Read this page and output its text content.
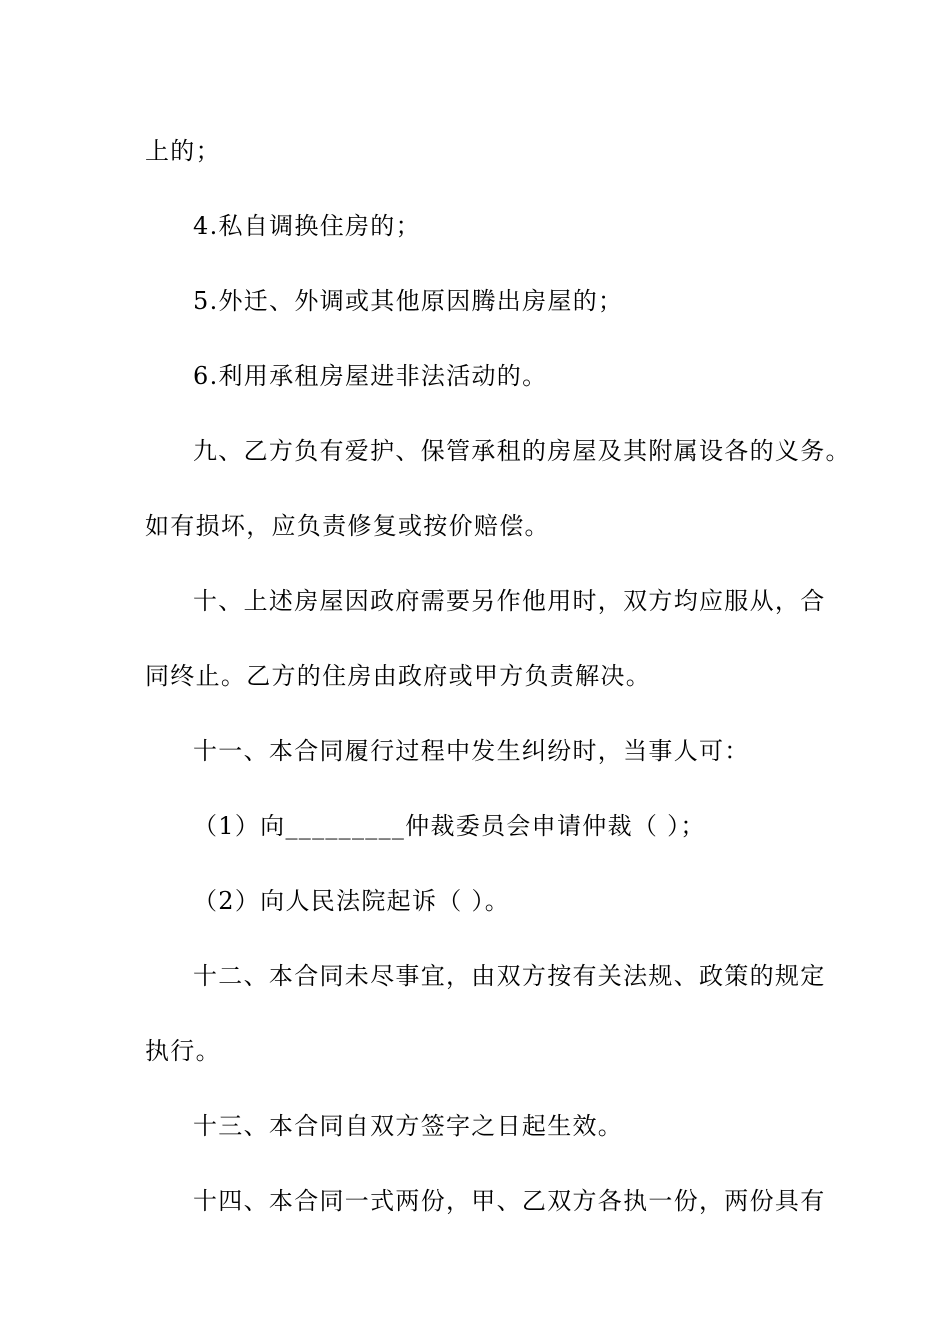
上的；
4.私自调换住房的；
5.外迁、外调或其他原因腾出房屋的；
6.利用承租房屋进非法活动的。
九、乙方负有爱护、保管承租的房屋及其附属设各的义务。
如有损坏，应负责修复或按价赔偿。
十、上述房屋因政府需要另作他用时，双方均应服从，合
同终止。乙方的住房由政府或甲方负责解决。
十一、本合同履行过程中发生纠纷时，当事人可：
（1）向_________仲裁委员会申请仲裁（ ）；
（2）向人民法院起诉（ ）。
十二、本合同未尽事宜，由双方按有关法规、政策的规定
执行。
十三、本合同自双方签字之日起生效。
十四、本合同一式两份，甲、乙双方各执一份，两份具有
